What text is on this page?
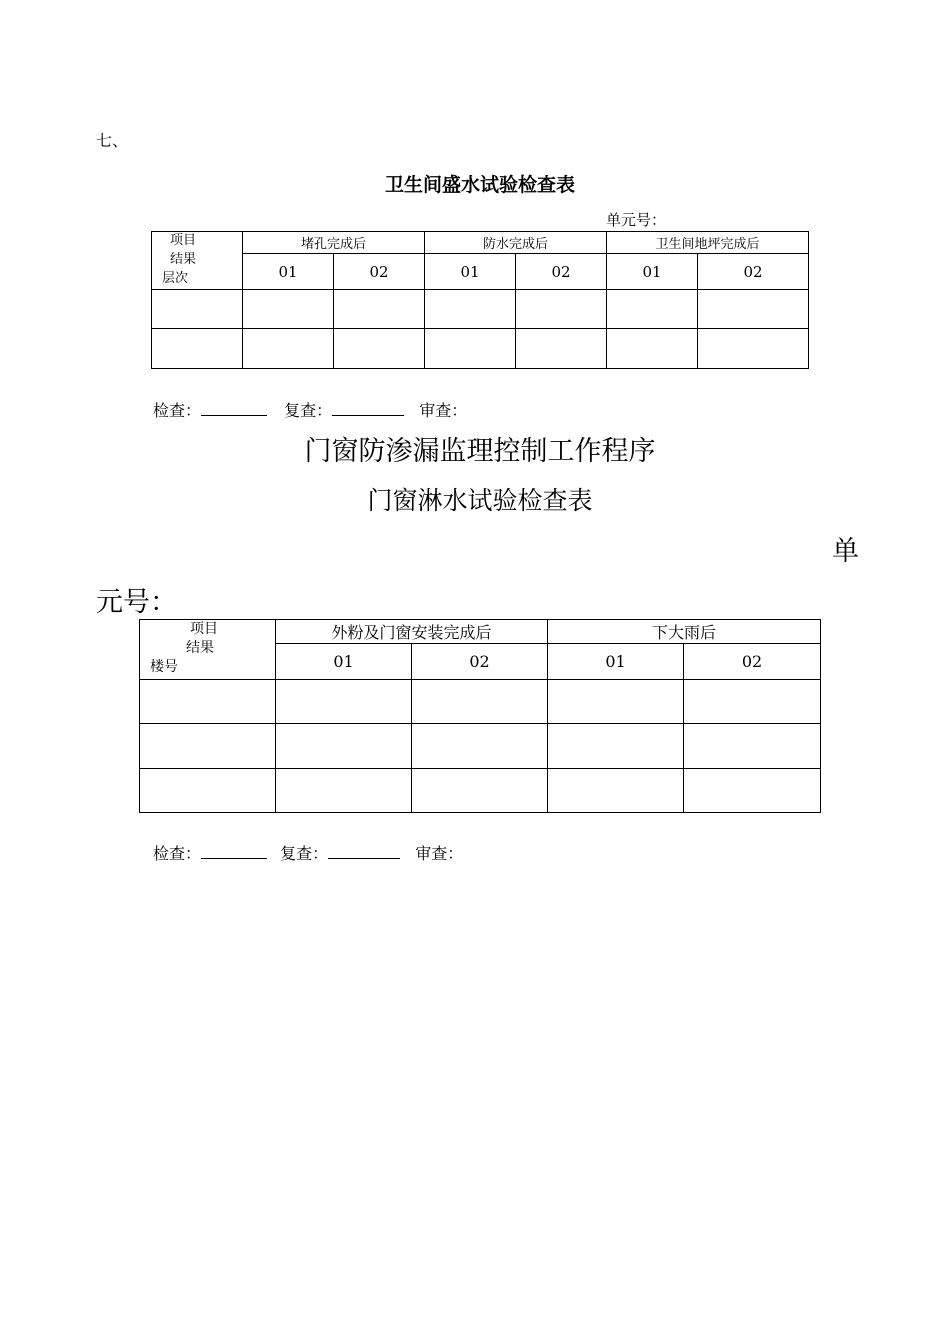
七、
卫生间盛水试验检查表
单元号：
项目
结果
层次	堵孔完成后		防水完成后		卫生间地坪完成后	
	01	02	01	02	01	02

检查：	复查：	审查：
门窗防渗漏监理控制工作程序
门窗淋水试验检查表
单
元号：
项目
结果
楼号	外粉及门窗安装完成后		下大雨后	
	01	02	01	02

检查：	复查：	审查：
